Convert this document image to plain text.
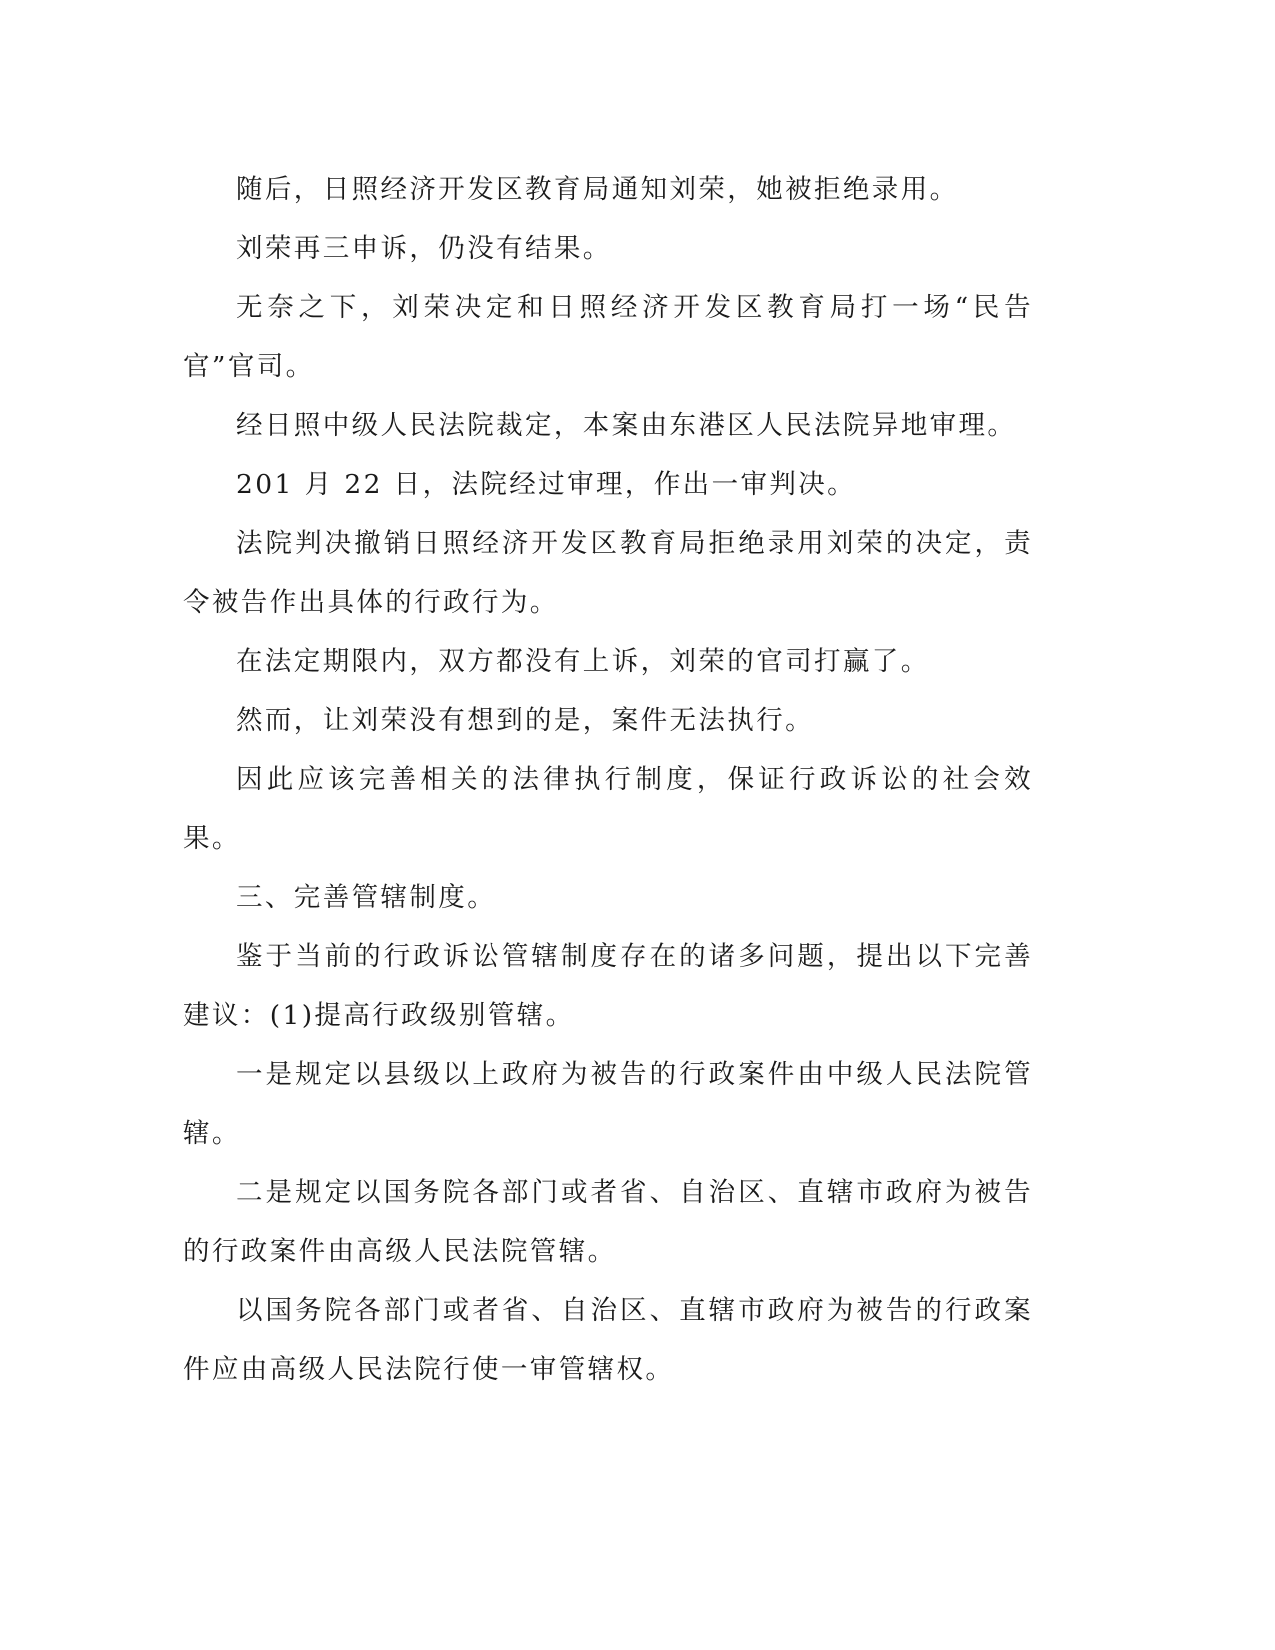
随后，日照经济开发区教育局通知刘荣，她被拒绝录用。

刘荣再三申诉，仍没有结果。

无奈之下，刘荣决定和日照经济开发区教育局打一场“民告官”官司。

经日照中级人民法院裁定，本案由东港区人民法院异地审理。

201 月 22 日，法院经过审理，作出一审判决。

法院判决撤销日照经济开发区教育局拒绝录用刘荣的决定，责令被告作出具体的行政行为。

在法定期限内，双方都没有上诉，刘荣的官司打赢了。

然而，让刘荣没有想到的是，案件无法执行。

因此应该完善相关的法律执行制度，保证行政诉讼的社会效果。

三、完善管辖制度。

鉴于当前的行政诉讼管辖制度存在的诸多问题，提出以下完善建议：(1)提高行政级别管辖。

一是规定以县级以上政府为被告的行政案件由中级人民法院管辖。

二是规定以国务院各部门或者省、自治区、直辖市政府为被告的行政案件由高级人民法院管辖。

以国务院各部门或者省、自治区、直辖市政府为被告的行政案件应由高级人民法院行使一审管辖权。
